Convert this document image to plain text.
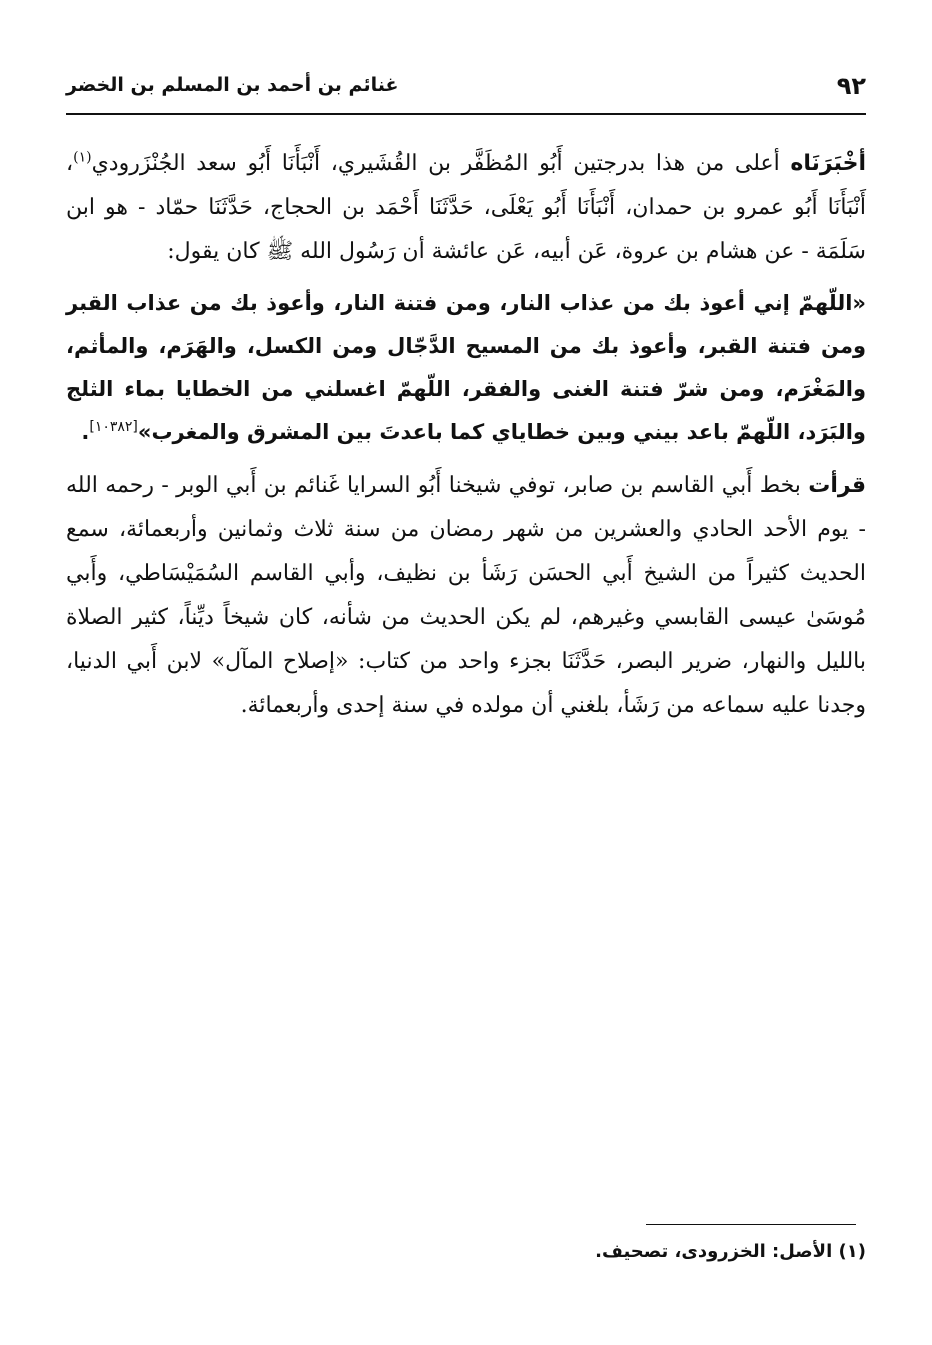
٩٢
غنائم بن أحمد بن المسلم بن الخضر

أخْبَرَنَاه أعلى من هذا بدرجتين أَبُو المُظَفَّر بن القُشَيري، أَنْبَأَنَا أَبُو سعد الجُنْزَرودي$^{(١)}$، أَنْبَأَنَا أَبُو عمرو بن حمدان، أَنْبَأَنَا أَبُو يَعْلَى، حَدَّثَنَا أَحْمَد بن الحجاج، حَدَّثَنَا حمّاد - هو ابن سَلَمَة - عن هشام بن عروة، عَن أبيه، عَن عائشة أن رَسُول الله ﷺ كان يقول:

«اللّهمّ إني أعوذ بك من عذاب النار، ومن فتنة النار، وأعوذ بك من عذاب القبر ومن فتنة القبر، وأعوذ بك من المسيح الدَّجّال ومن الكسل، والهَرَم، والمأثم، والمَغْرَم، ومن شرّ فتنة الغنى والفقر، اللّهمّ اغسلني من الخطايا بماء الثلج والبَرَد، اللّهمّ باعد بيني وبين خطاياي كما باعدتَ بين المشرق والمغرب»[١٠٣٨٢].

قرأت بخط أَبي القاسم بن صابر، توفي شيخنا أَبُو السرايا غَنائم بن أَبي الوبر - رحمه الله - يوم الأحد الحادي والعشرين من شهر رمضان من سنة ثلاث وثمانين وأربعمائة، سمع الحديث كثيراً من الشيخ أَبي الحسَن رَشَأ بن نظيف، وأبي القاسم السُمَيْسَاطي، وأَبي مُوسَىٰ عيسى القابسي وغيرهم، لم يكن الحديث من شأنه، كان شيخاً ديِّناً، كثير الصلاة بالليل والنهار، ضرير البصر، حَدَّثَنَا بجزء واحد من كتاب: «إصلاح المآل» لابن أَبي الدنيا، وجدنا عليه سماعه من رَشَأ، بلغني أن مولده في سنة إحدى وأربعمائة.

(١) الأصل: الخزرودى، تصحيف.
